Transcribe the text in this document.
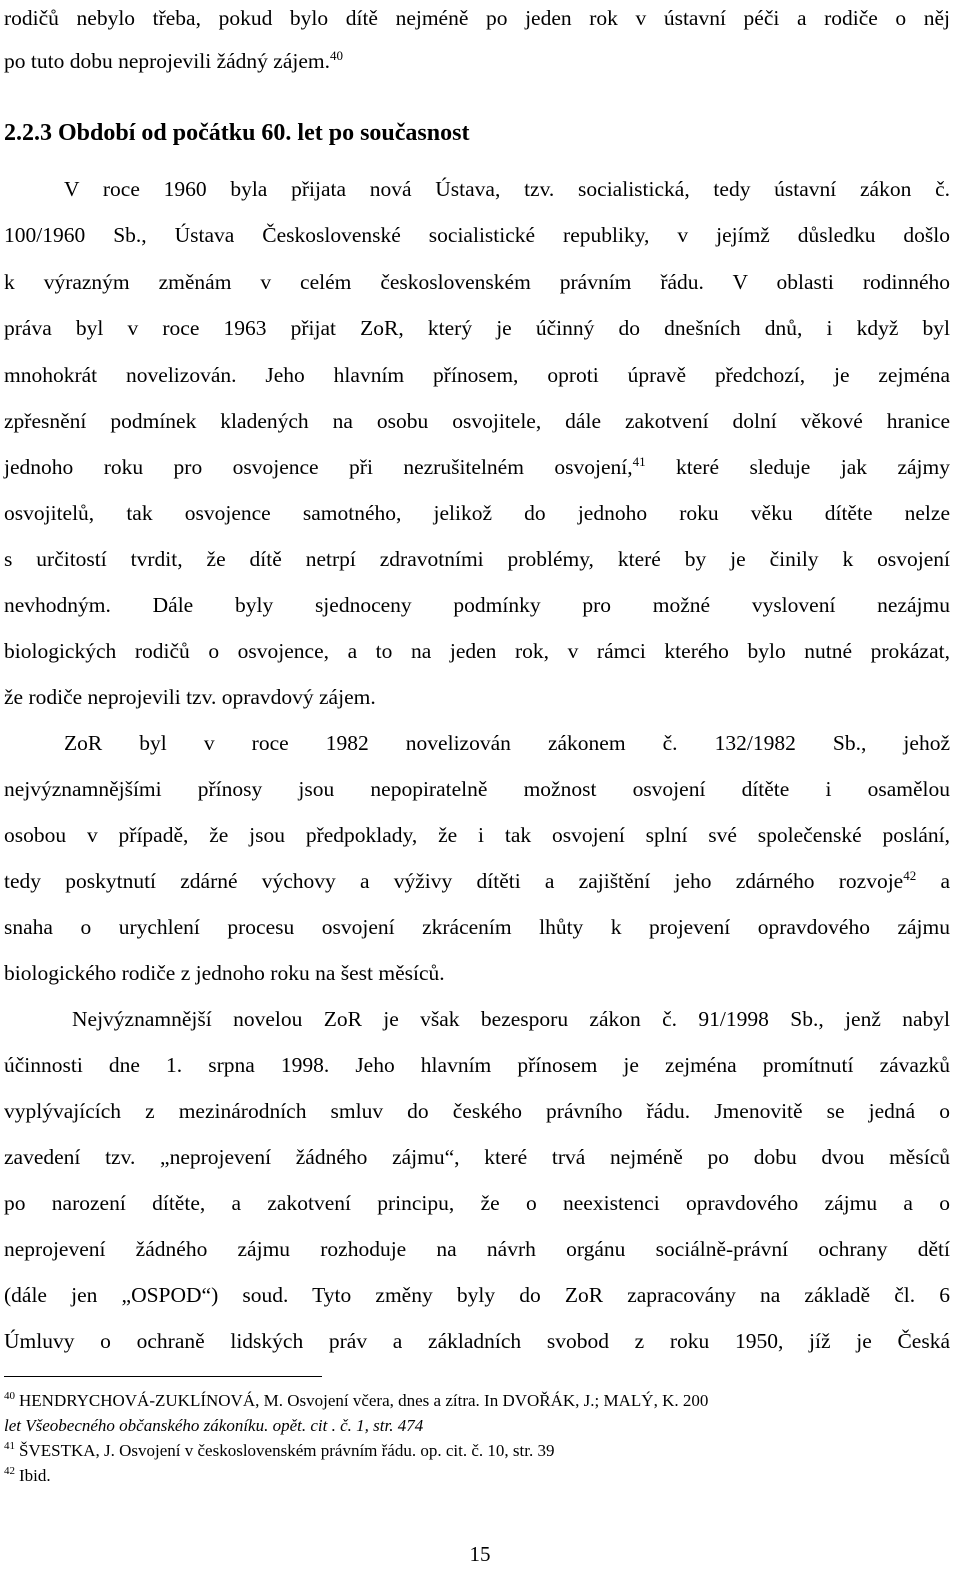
rodičů nebylo třeba, pokud bylo dítě nejméně po jeden rok v ústavní péči a rodiče o něj
po tuto dobu neprojevili žádný zájem.$^{40}$
2.2.3 Období od počátku 60. let po současnost
V roce 1960 byla přijata nová Ústava, tzv. socialistická, tedy ústavní zákon č.
100/1960 Sb., Ústava Československé socialistické republiky, v jejímž důsledku došlo
k výrazným změnám v celém československém právním řádu. V oblasti rodinného
práva byl v roce 1963 přijat ZoR, který je účinný do dnešních dnů, i když byl
mnohokrát novelizován. Jeho hlavním přínosem, oproti úpravě předchozí, je zejména
zpřesnění podmínek kladených na osobu osvojitele, dále zakotvení dolní věkové hranice
jednoho roku pro osvojence při nezrušitelném osvojení,$^{41}$ které sleduje jak zájmy
osvojitelů, tak osvojence samotného, jelikož do jednoho roku věku dítěte nelze
s určitostí tvrdit, že dítě netrpí zdravotními problémy, které by je činily k osvojení
nevhodným. Dále byly sjednoceny podmínky pro možné vyslovení nezájmu
biologických rodičů o osvojence, a to na jeden rok, v rámci kterého bylo nutné prokázat,
že rodiče neprojevili tzv. opravdový zájem.
ZoR byl v roce 1982 novelizován zákonem č. 132/1982 Sb., jehož
nejvýznamnějšími přínosy jsou nepopiratelně možnost osvojení dítěte i osamělou
osobou v případě, že jsou předpoklady, že i tak osvojení splní své společenské poslání,
tedy poskytnutí zdárné výchovy a výživy dítěti a zajištění jeho zdárného rozvoje$^{42}$ a
snaha o urychlení procesu osvojení zkrácením lhůty k projevení opravdového zájmu
biologického rodiče z jednoho roku na šest měsíců.
Nejvýznamnější novelou ZoR je však bezesporu zákon č. 91/1998 Sb., jenž nabyl
účinnosti dne 1. srpna 1998. Jeho hlavním přínosem je zejména promítnutí závazků
vyplývajících z mezinárodních smluv do českého právního řádu. Jmenovitě se jedná o
zavedení tzv. „neprojevení žádného zájmu“, které trvá nejméně po dobu dvou měsíců
po narození dítěte, a zakotvení principu, že o neexistenci opravdového zájmu a o
neprojevení žádného zájmu rozhoduje na návrh orgánu sociálně-právní ochrany dětí
(dále jen „OSPOD“) soud. Tyto změny byly do ZoR zapracovány na základě čl. 6
Úmluvy o ochraně lidských práv a základních svobod z roku 1950, jíž je Česká
$^{40}$ HENDRYCHOVÁ-ZUKLÍNOVÁ, M. Osvojení včera, dnes a zítra. In DVOŘÁK, J.; MALÝ, K. 200
let Všeobecného občanského zákoníku. opět. cit . č. 1, str. 474
$^{41}$ ŠVESTKA, J. Osvojení v československém právním řádu. op. cit. č. 10, str. 39
$^{42}$ Ibid.
15
